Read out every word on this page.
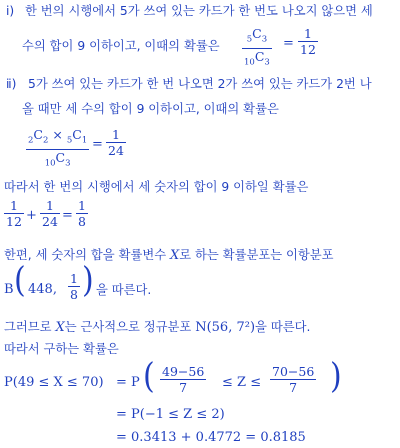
ⅰ) 한 번의 시행에서 5가 쓰여 있는 카드가 한 번도 나오지 않으면 세
수의 합이 9 이하이고, 이때의 확률은	$\frac{_5C_3}{_{10}C_3} = \frac{1}{12}$
ⅱ) 5가 쓰여 있는 카드가 한 번 나오면 2가 쓰여 있는 카드가 2번 나
올 때만 세 수의 합이 9 이하이고, 이때의 확률은
$\frac{_2C_2 \times _5C_1}{_{10}C_3} = \frac{1}{24}$
따라서 한 번의 시행에서 세 숫자의 합이 9 이하일 확률은
$\frac{1}{12} + \frac{1}{24} = \frac{1}{8}$
한편, 세 숫자의 합을 확률변수 X로 하는 확률분포는 이항분포
B ( 448, $\frac{1}{8}$ ) 을 따른다.
그러므로 X는 근사적으로 정규분포 N(56, 7²)을 따른다.
따라서 구하는 확률은
P(49 ≤ X ≤ 70) = P ( $\frac{49-56}{7} \le Z \le \frac{70-56}{7}$ )
= P(−1 ≤ Z ≤ 2)
= 0.3413 + 0.4772 = 0.8185
